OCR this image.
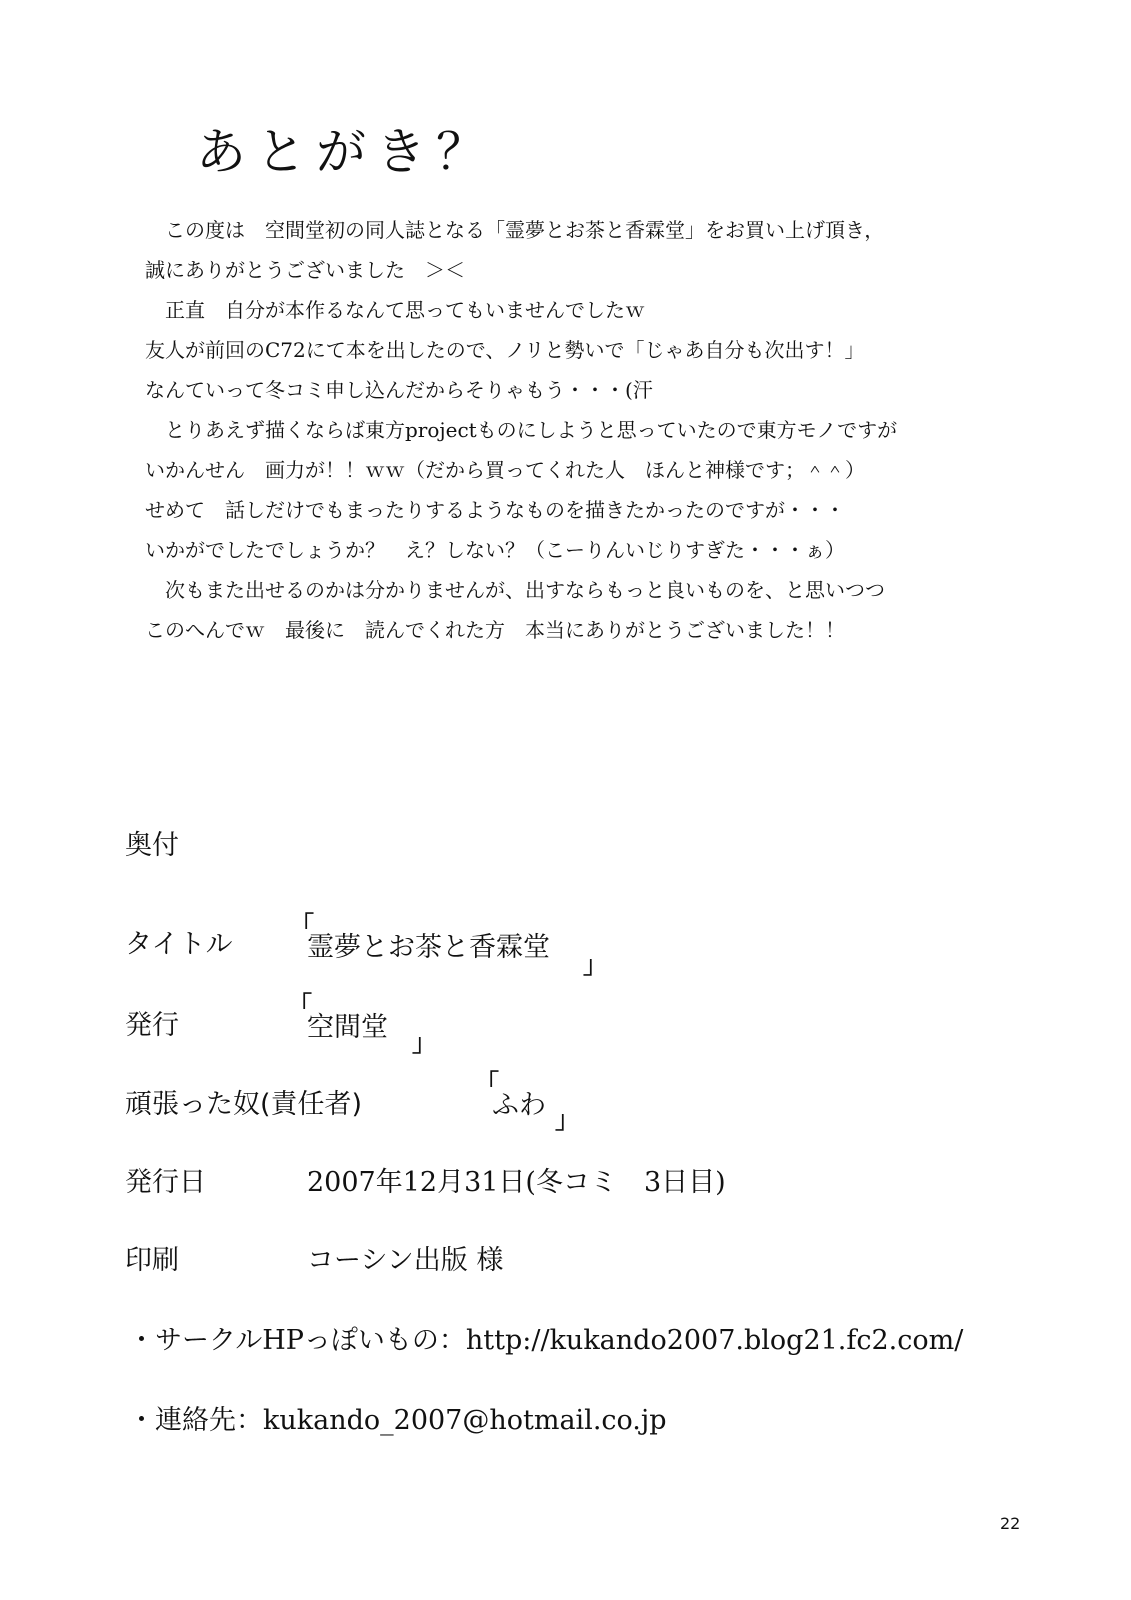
あとがき？
　この度は　空間堂初の同人誌となる「霊夢とお茶と香霖堂」をお買い上げ頂き，
誠にありがとうございました　＞＜
　正直　自分が本作るなんて思ってもいませんでしたｗ
友人が前回のC72にて本を出したので、ノリと勢いで「じゃあ自分も次出す！」
なんていって冬コミ申し込んだからそりゃもう・・・(汗
　とりあえず描くならば東方projectものにしようと思っていたので東方モノですが
いかんせん　画力が！！ｗｗ（だから買ってくれた人　ほんと神様です；＾＾）
せめて　話しだけでもまったりするようなものを描きたかったのですが・・・
いかがでしたでしょうか？　え？しない？（こーりんいじりすぎた・・・ぁ）
　次もまた出せるのかは分かりませんが、出すならもっと良いものを、と思いつつ
このへんでｗ　最後に　読んでくれた方　本当にありがとうございました！！
奥付
タイトル
「
霊夢とお茶と香霖堂
」
発行
「
空間堂 」
頑張った奴(責任者)
「
ふわ 」
発行日	2007年12月31日(冬コミ　3日目)
印刷	コーシン出版 様
・サークルHPっぽいもの：http://kukando2007.blog21.fc2.com/
・連絡先：kukando_2007@hotmail.co.jp
22
